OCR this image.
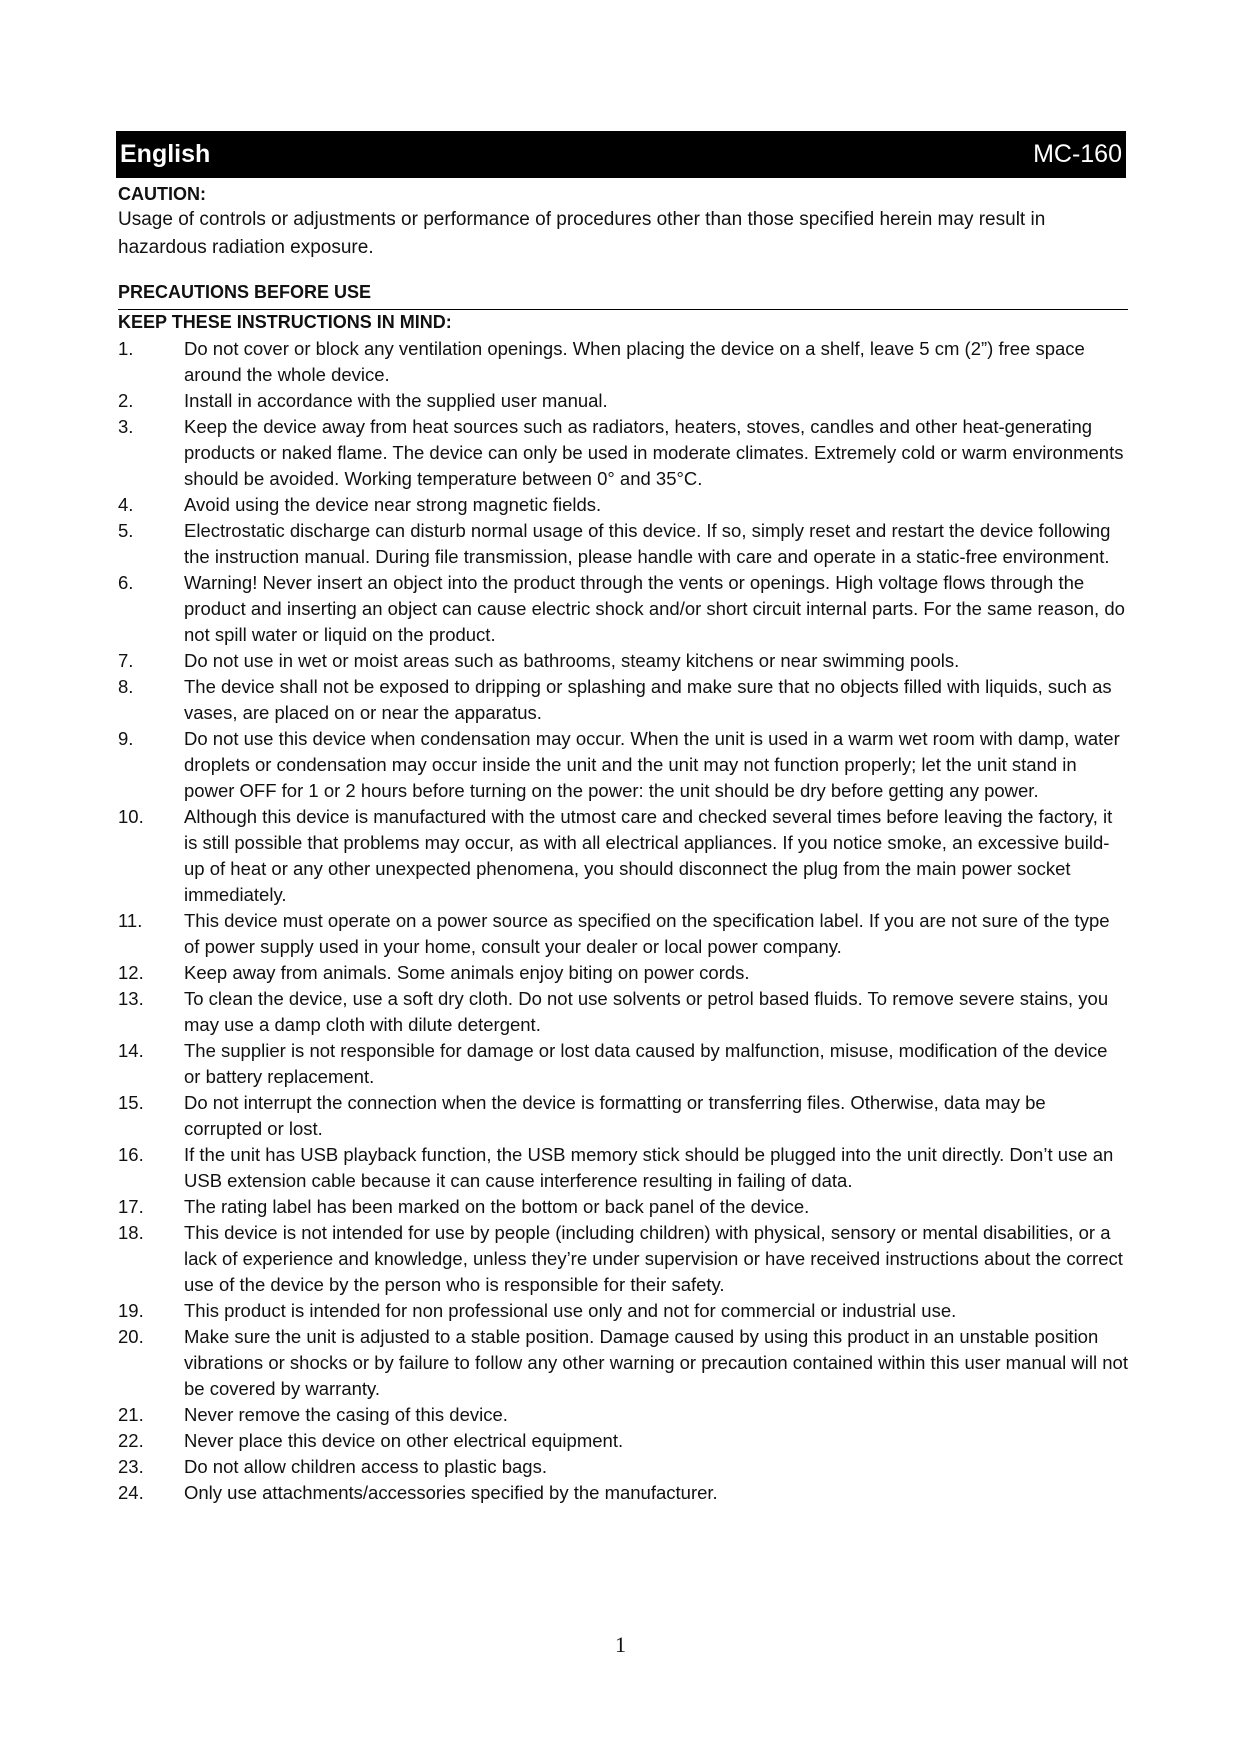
English	MC-160
CAUTION:
Usage of controls or adjustments or performance of procedures other than those specified herein may result in hazardous radiation exposure.
PRECAUTIONS BEFORE USE
KEEP THESE INSTRUCTIONS IN MIND:
1.	Do not cover or block any ventilation openings. When placing the device on a shelf, leave 5 cm (2”) free space around the whole device.
2.	Install in accordance with the supplied user manual.
3.	Keep the device away from heat sources such as radiators, heaters, stoves, candles and other heat-generating products or naked flame. The device can only be used in moderate climates. Extremely cold or warm environments should be avoided. Working temperature between 0° and 35°C.
4.	Avoid using the device near strong magnetic fields.
5.	Electrostatic discharge can disturb normal usage of this device. If so, simply reset and restart the device following the instruction manual. During file transmission, please handle with care and operate in a static-free environment.
6.	Warning! Never insert an object into the product through the vents or openings. High voltage flows through the product and inserting an object can cause electric shock and/or short circuit internal parts. For the same reason, do not spill water or liquid on the product.
7.	Do not use in wet or moist areas such as bathrooms, steamy kitchens or near swimming pools.
8.	The device shall not be exposed to dripping or splashing and make sure that no objects filled with liquids, such as vases, are placed on or near the apparatus.
9.	Do not use this device when condensation may occur. When the unit is used in a warm wet room with damp, water droplets or condensation may occur inside the unit and the unit may not function properly; let the unit stand in power OFF for 1 or 2 hours before turning on the power: the unit should be dry before getting any power.
10.	Although this device is manufactured with the utmost care and checked several times before leaving the factory, it is still possible that problems may occur, as with all electrical appliances. If you notice smoke, an excessive build-up of heat or any other unexpected phenomena, you should disconnect the plug from the main power socket immediately.
11.	This device must operate on a power source as specified on the specification label. If you are not sure of the type of power supply used in your home, consult your dealer or local power company.
12.	Keep away from animals. Some animals enjoy biting on power cords.
13.	To clean the device, use a soft dry cloth. Do not use solvents or petrol based fluids. To remove severe stains, you may use a damp cloth with dilute detergent.
14.	The supplier is not responsible for damage or lost data caused by malfunction, misuse, modification of the device or battery replacement.
15.	Do not interrupt the connection when the device is formatting or transferring files. Otherwise, data may be corrupted or lost.
16.	If the unit has USB playback function, the USB memory stick should be plugged into the unit directly. Don’t use an USB extension cable because it can cause interference resulting in failing of data.
17.	The rating label has been marked on the bottom or back panel of the device.
18.	This device is not intended for use by people (including children) with physical, sensory or mental disabilities, or a lack of experience and knowledge, unless they’re under supervision or have received instructions about the correct use of the device by the person who is responsible for their safety.
19.	This product is intended for non professional use only and not for commercial or industrial use.
20.	Make sure the unit is adjusted to a stable position. Damage caused by using this product in an unstable position vibrations or shocks or by failure to follow any other warning or precaution contained within this user manual will not be covered by warranty.
21.	Never remove the casing of this device.
22.	Never place this device on other electrical equipment.
23.	Do not allow children access to plastic bags.
24.	Only use attachments/accessories specified by the manufacturer.
1
